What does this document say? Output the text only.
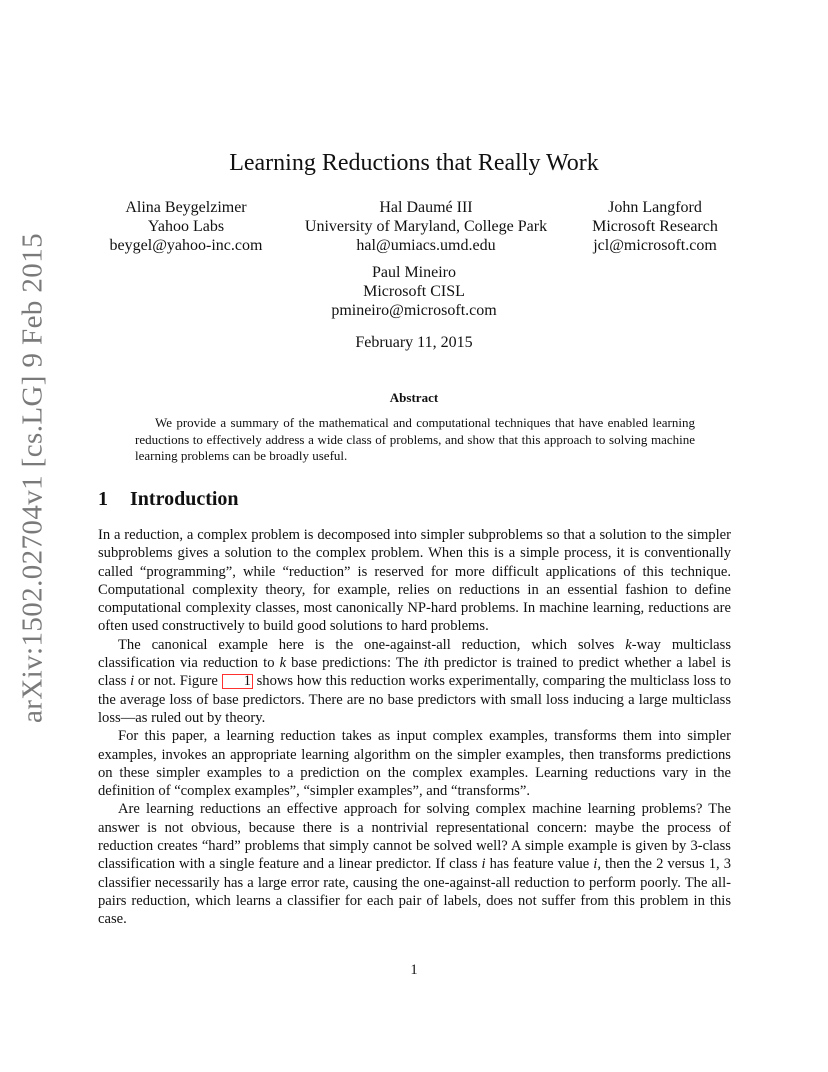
arXiv:1502.02704v1 [cs.LG] 9 Feb 2015
Learning Reductions that Really Work
Alina Beygelzimer
Yahoo Labs
beygel@yahoo-inc.com
Hal Daumé III
University of Maryland, College Park
hal@umiacs.umd.edu
John Langford
Microsoft Research
jcl@microsoft.com
Paul Mineiro
Microsoft CISL
pmineiro@microsoft.com
February 11, 2015
Abstract
We provide a summary of the mathematical and computational techniques that have enabled learning reductions to effectively address a wide class of problems, and show that this approach to solving machine learning problems can be broadly useful.
1 Introduction

In a reduction, a complex problem is decomposed into simpler subproblems so that a solution to the simpler subproblems gives a solution to the complex problem. When this is a simple process, it is conventionally called “programming”, while “reduction” is reserved for more difficult applications of this technique. Computational complexity theory, for example, relies on reductions in an essential fashion to define computational complexity classes, most canonically NP-hard problems. In machine learning, reductions are often used constructively to build good solutions to hard problems.

The canonical example here is the one-against-all reduction, which solves k-way multiclass classification via reduction to k base predictions: The ith predictor is trained to predict whether a label is class i or not. Figure 1 shows how this reduction works experimentally, comparing the multiclass loss to the average loss of base predictors. There are no base predictors with small loss inducing a large multiclass loss—as ruled out by theory.

For this paper, a learning reduction takes as input complex examples, transforms them into simpler examples, invokes an appropriate learning algorithm on the simpler examples, then transforms predictions on these simpler examples to a prediction on the complex examples. Learning reductions vary in the definition of “complex examples”, “simpler examples”, and “transforms”.

Are learning reductions an effective approach for solving complex machine learning problems? The answer is not obvious, because there is a nontrivial representational concern: maybe the process of reduction creates “hard” problems that simply cannot be solved well? A simple example is given by 3-class classification with a single feature and a linear predictor. If class i has feature value i, then the 2 versus 1, 3 classifier necessarily has a large error rate, causing the one-against-all reduction to perform poorly. The all-pairs reduction, which learns a classifier for each pair of labels, does not suffer from this problem in this case.

1
